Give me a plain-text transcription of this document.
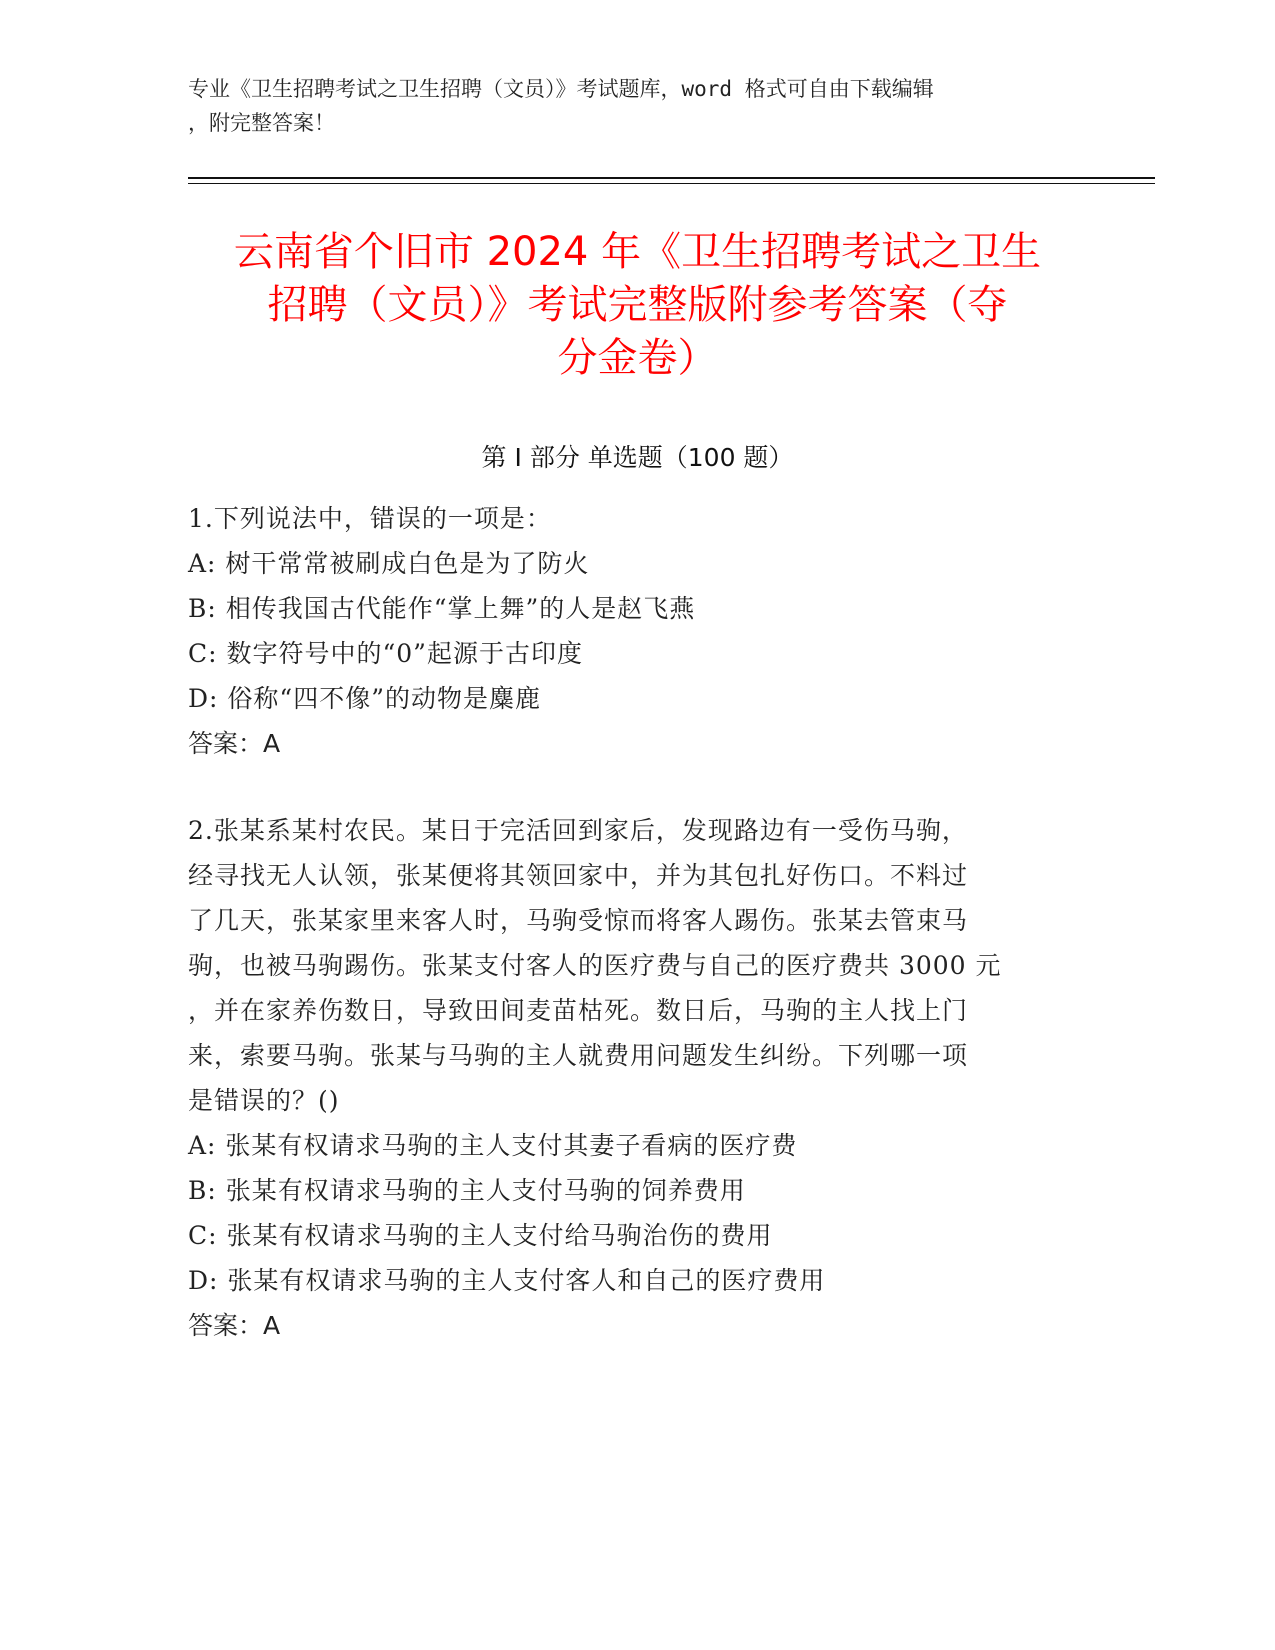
专业《卫生招聘考试之卫生招聘（文员）》考试题库，word 格式可自由下载编辑
，附完整答案！
云南省个旧市 2024 年《卫生招聘考试之卫生
招聘（文员）》考试完整版附参考答案（夺
分金卷）
第 I 部分 单选题（100 题）
1.下列说法中，错误的一项是：
A: 树干常常被刷成白色是为了防火
B: 相传我国古代能作“掌上舞”的人是赵飞燕
C: 数字符号中的“0”起源于古印度
D: 俗称“四不像”的动物是麋鹿
答案：A
2.张某系某村农民。某日于完活回到家后，发现路边有一受伤马驹，
经寻找无人认领，张某便将其领回家中，并为其包扎好伤口。不料过
了几天，张某家里来客人时，马驹受惊而将客人踢伤。张某去管束马
驹，也被马驹踢伤。张某支付客人的医疗费与自己的医疗费共 3000 元
，并在家养伤数日，导致田间麦苗枯死。数日后，马驹的主人找上门
来，索要马驹。张某与马驹的主人就费用问题发生纠纷。下列哪一项
是错误的？()
A: 张某有权请求马驹的主人支付其妻子看病的医疗费
B: 张某有权请求马驹的主人支付马驹的饲养费用
C: 张某有权请求马驹的主人支付给马驹治伤的费用
D: 张某有权请求马驹的主人支付客人和自己的医疗费用
答案：A
